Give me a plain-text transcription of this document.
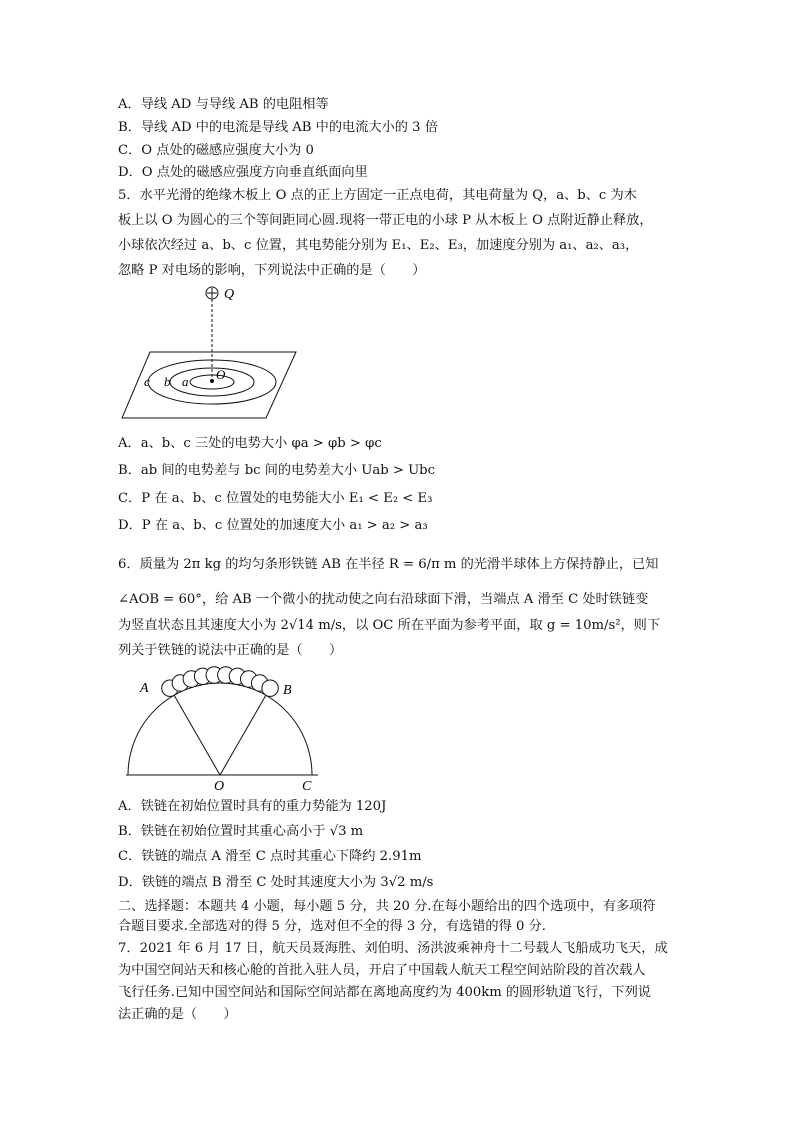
A．导线 AD 与导线 AB 的电阻相等
B．导线 AD 中的电流是导线 AB 中的电流大小的 3 倍
C．O 点处的磁感应强度大小为 0
D．O 点处的磁感应强度方向垂直纸面向里
5．水平光滑的绝缘木板上 O 点的正上方固定一正点电荷，其电荷量为 Q，a、b、c 为木
板上以 O 为圆心的三个等间距同心圆.现将一带正电的小球 P 从木板上 O 点附近静止释放，
小球依次经过 a、b、c 位置，其电势能分别为 E₁、E₂、E₃，加速度分别为 a₁、a₂、a₃，
忽略 P 对电场的影响，下列说法中正确的是（　　）
Q
O
a
b
c
A．a、b、c 三处的电势大小 φa > φb > φc
B．ab 间的电势差与 bc 间的电势差大小 Uab > Ubc
C．P 在 a、b、c 位置处的电势能大小 E₁ < E₂ < E₃
D．P 在 a、b、c 位置处的加速度大小 a₁ > a₂ > a₃
6．质量为 2π kg 的均匀条形铁链 AB 在半径 R = 6/π m 的光滑半球体上方保持静止，已知
∠AOB = 60°，给 AB 一个微小的扰动使之向右沿球面下滑，当端点 A 滑至 C 处时铁链变
为竖直状态且其速度大小为 2√14 m/s，以 OC 所在平面为参考平面，取 g = 10m/s²，则下
列关于铁链的说法中正确的是（　　）
A	B
O	C
A．铁链在初始位置时具有的重力势能为 120J
B．铁链在初始位置时其重心高小于 √3 m
C．铁链的端点 A 滑至 C 点时其重心下降约 2.91m
D．铁链的端点 B 滑至 C 处时其速度大小为 3√2 m/s
二、选择题：本题共 4 小题，每小题 5 分，共 20 分.在每小题给出的四个选项中，有多项符
合题目要求.全部选对的得 5 分，选对但不全的得 3 分，有选错的得 0 分.
7．2021 年 6 月 17 日，航天员聂海胜、刘伯明、汤洪波乘神舟十二号载人飞船成功飞天，成
为中国空间站天和核心舱的首批入驻人员，开启了中国载人航天工程空间站阶段的首次载人
飞行任务.已知中国空间站和国际空间站都在离地高度约为 400km 的圆形轨道飞行，下列说
法正确的是（　　）
